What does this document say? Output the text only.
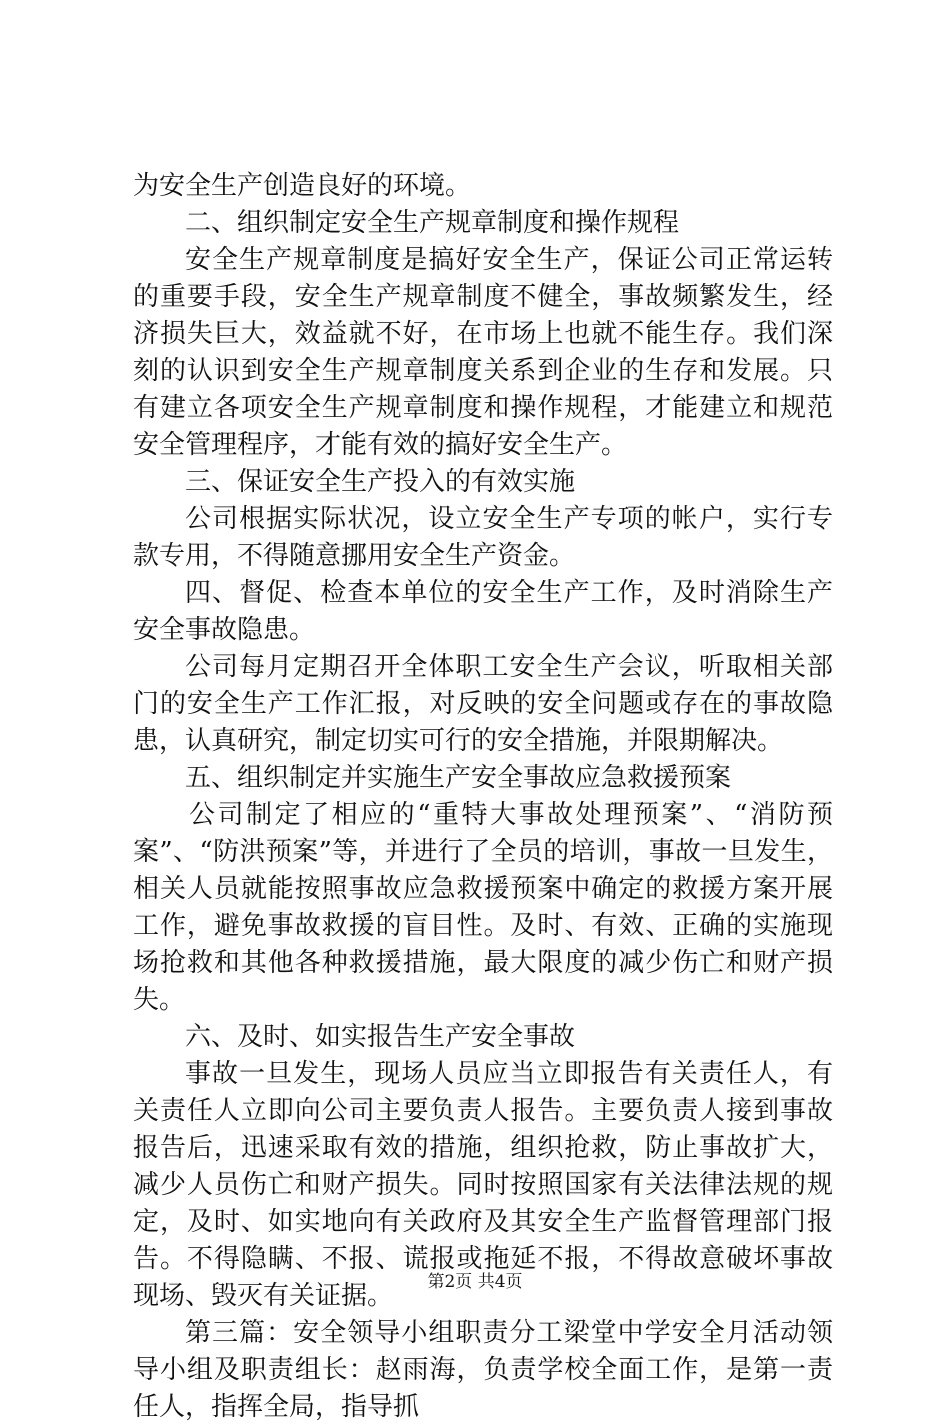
为安全生产创造良好的环境。

二、组织制定安全生产规章制度和操作规程

安全生产规章制度是搞好安全生产，保证公司正常运转的重要手段，安全生产规章制度不健全，事故频繁发生，经济损失巨大，效益就不好，在市场上也就不能生存。我们深刻的认识到安全生产规章制度关系到企业的生存和发展。只有建立各项安全生产规章制度和操作规程，才能建立和规范安全管理程序，才能有效的搞好安全生产。

三、保证安全生产投入的有效实施

公司根据实际状况，设立安全生产专项的帐户，实行专款专用，不得随意挪用安全生产资金。

四、督促、检查本单位的安全生产工作，及时消除生产安全事故隐患。

公司每月定期召开全体职工安全生产会议，听取相关部门的安全生产工作汇报，对反映的安全问题或存在的事故隐患，认真研究，制定切实可行的安全措施，并限期解决。

五、组织制定并实施生产安全事故应急救援预案

公司制定了相应的“重特大事故处理预案”、“消防预案”、“防洪预案”等，并进行了全员的培训，事故一旦发生，相关人员就能按照事故应急救援预案中确定的救援方案开展工作，避免事故救援的盲目性。及时、有效、正确的实施现场抢救和其他各种救援措施，最大限度的减少伤亡和财产损失。

六、及时、如实报告生产安全事故

事故一旦发生，现场人员应当立即报告有关责任人，有关责任人立即向公司主要负责人报告。主要负责人接到事故报告后，迅速采取有效的措施，组织抢救，防止事故扩大，减少人员伤亡和财产损失。同时按照国家有关法律法规的规定，及时、如实地向有关政府及其安全生产监督管理部门报告。不得隐瞒、不报、谎报或拖延不报，不得故意破坏事故现场、毁灭有关证据。

第三篇：安全领导小组职责分工梁堂中学安全月活动领导小组及职责组长：赵雨海，负责学校全面工作，是第一责任人，指挥全局，指导抓

第2页 共4页
